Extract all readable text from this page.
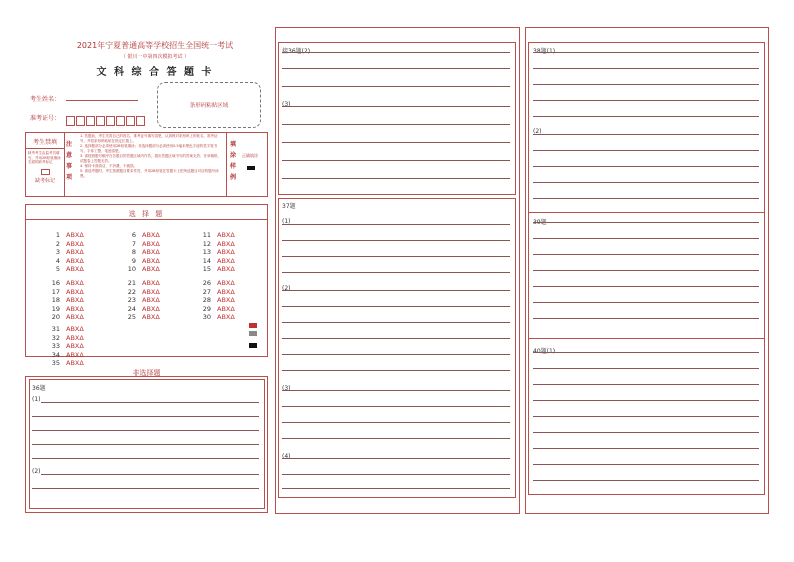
2021年宁夏普通高等学校招生全国统一考试
（ 银川一中第四次模拟考试 ）
文 科 综 合 答 题 卡
考生姓名：
准考证号：
条形码粘贴区域
考生禁填
缺考考生由监考员填写，并用2B铅笔填涂右面的缺考标记
缺考标记
注意事项
1. 答题前，考生先将自己的姓名、准考证号填写清楚，认真核对条形码上的姓名、准考证号，并将条形码粘贴在指定位置上。
2. 选择题部分必须使用2B铅笔填涂；非选择题部分必须使用0.5毫米黑色字迹的签字笔书写，字体工整、笔迹清楚。
3. 请按照题号顺序在各题目的答题区域内作答，超出答题区域书写的答案无效；在草稿纸、试题卷上答题无效。
4. 保持卡面清洁，不折叠，不破损。
5. 请选考题时，考生按照题目要求作答，并用2B铅笔在答题卡上把所选题目对应的题号涂黑。
填涂样例
正确填涂
选 择 题
1 ABXΔ
2 ABXΔ
3 ABXΔ
4 ABXΔ
5 ABXΔ
6 ABXΔ
7 ABXΔ
8 ABXΔ
9 ABXΔ
10 ABXΔ
11 ABXΔ
12 ABXΔ
13 ABXΔ
14 ABXΔ
15 ABXΔ
16 ABXΔ
17 ABXΔ
18 ABXΔ
19 ABXΔ
20 ABXΔ
21 ABXΔ
22 ABXΔ
23 ABXΔ
24 ABXΔ
25 ABXΔ
26 ABXΔ
27 ABXΔ
28 ABXΔ
29 ABXΔ
30 ABXΔ
31 ABXΔ
32 ABXΔ
33 ABXΔ
34 ABXΔ
35 ABXΔ
非选择题
36题
(1)
(2)
接36题(2)
(3)
37题
(1)
(2)
(3)
(4)
38题(1)
(2)
39题
40题(1)
